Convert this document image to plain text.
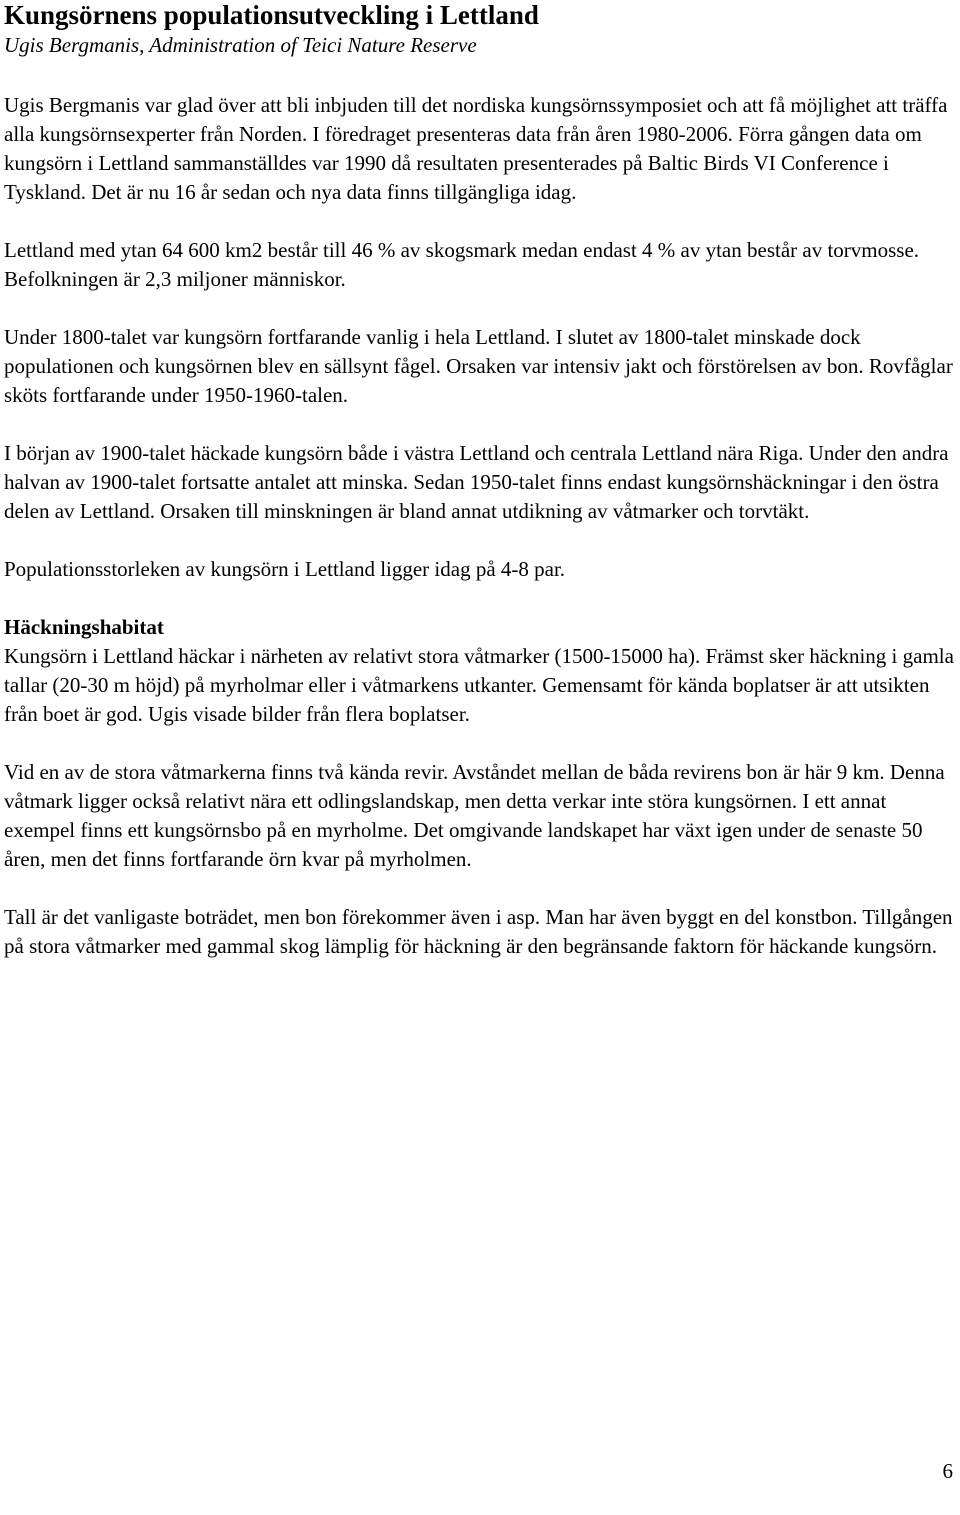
Kungsörnens populationsutveckling i Lettland
Ugis Bergmanis, Administration of Teici Nature Reserve

Ugis Bergmanis var glad över att bli inbjuden till det nordiska kungsörnssymposiet och att få möjlighet att träffa alla kungsörnsexperter från Norden. I föredraget presenteras data från åren 1980-2006. Förra gången data om kungsörn i Lettland sammanställdes var 1990 då resultaten presenterades på Baltic Birds VI Conference i Tyskland. Det är nu 16 år sedan och nya data finns tillgängliga idag.

Lettland med ytan 64 600 km2 består till 46 % av skogsmark medan endast 4 % av ytan består av torvmosse. Befolkningen är 2,3 miljoner människor.

Under 1800-talet var kungsörn fortfarande vanlig i hela Lettland. I slutet av 1800-talet minskade dock populationen och kungsörnen blev en sällsynt fågel. Orsaken var intensiv jakt och förstörelsen av bon. Rovfåglar sköts fortfarande under 1950-1960-talen.

I början av 1900-talet häckade kungsörn både i västra Lettland och centrala Lettland nära Riga. Under den andra halvan av 1900-talet fortsatte antalet att minska. Sedan 1950-talet finns endast kungsörnshäckningar i den östra delen av Lettland. Orsaken till minskningen är bland annat utdikning av våtmarker och torvtäkt.

Populationsstorleken av kungsörn i Lettland ligger idag på 4-8 par.

Häckningshabitat

Kungsörn i Lettland häckar i närheten av relativt stora våtmarker (1500-15000 ha). Främst sker häckning i gamla tallar (20-30 m höjd) på myrholmar eller i våtmarkens utkanter. Gemensamt för kända boplatser är att utsikten från boet är god. Ugis visade bilder från flera boplatser.

Vid en av de stora våtmarkerna finns två kända revir. Avståndet mellan de båda revirens bon är här 9 km. Denna våtmark ligger också relativt nära ett odlingslandskap, men detta verkar inte störa kungsörnen. I ett annat exempel finns ett kungsörnsbo på en myrholme. Det omgivande landskapet har växt igen under de senaste 50 åren, men det finns fortfarande örn kvar på myrholmen.

Tall är det vanligaste boträdet, men bon förekommer även i asp. Man har även byggt en del konstbon. Tillgången på stora våtmarker med gammal skog lämplig för häckning är den begränsande faktorn för häckande kungsörn.

6
